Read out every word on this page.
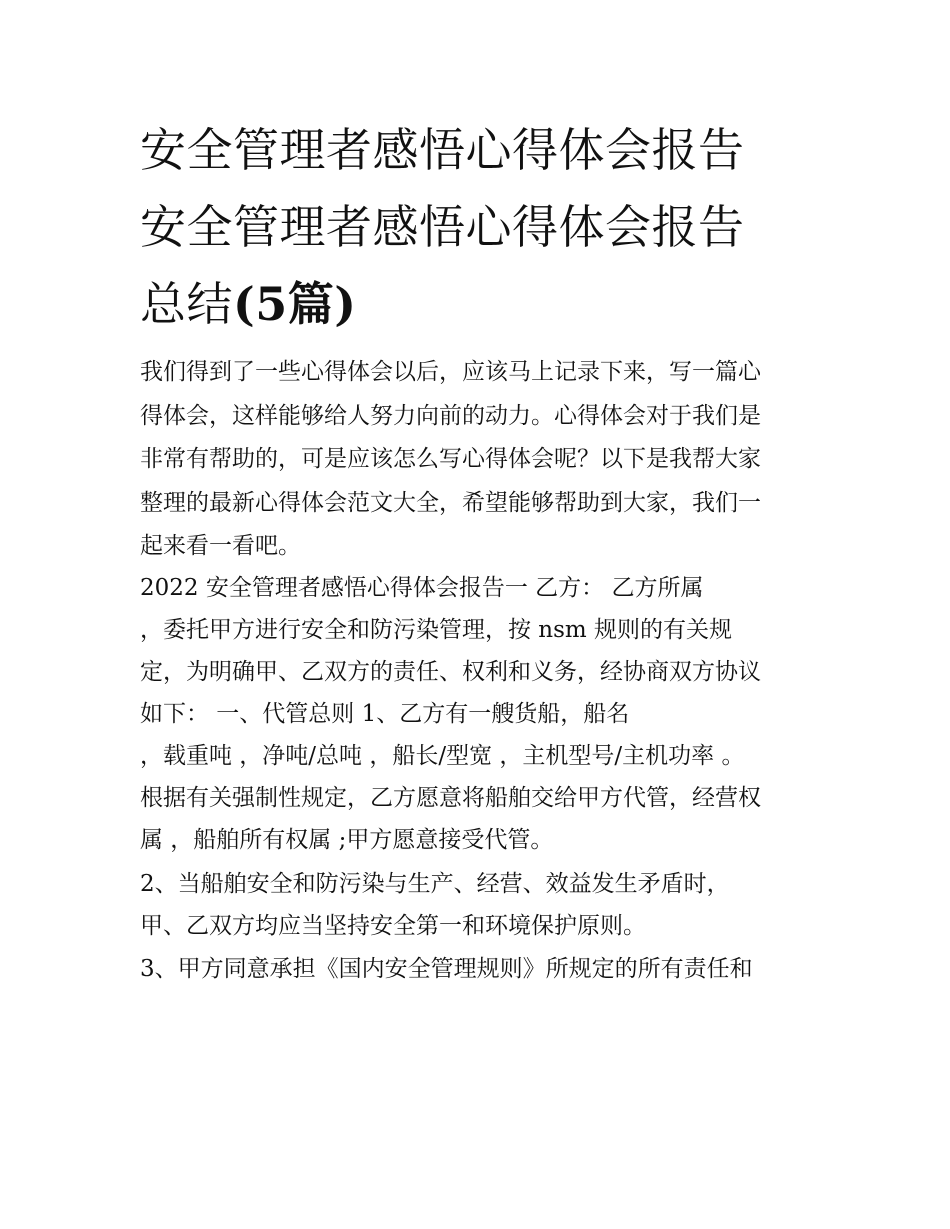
安全管理者感悟心得体会报告
安全管理者感悟心得体会报告
总结(5篇)
我们得到了一些心得体会以后，应该马上记录下来，写一篇心
得体会，这样能够给人努力向前的动力。心得体会对于我们是
非常有帮助的，可是应该怎么写心得体会呢？以下是我帮大家
整理的最新心得体会范文大全，希望能够帮助到大家，我们一
起来看一看吧。
2022 安全管理者感悟心得体会报告一 乙方： 乙方所属
，委托甲方进行安全和防污染管理，按 nsm 规则的有关规
定，为明确甲、乙双方的责任、权利和义务，经协商双方协议
如下： 一、代管总则 1、乙方有一艘货船，船名
，载重吨 ，净吨/总吨 ，船长/型宽 ，主机型号/主机功率 。
根据有关强制性规定，乙方愿意将船舶交给甲方代管，经营权
属 ，船舶所有权属 ;甲方愿意接受代管。
2、当船舶安全和防污染与生产、经营、效益发生矛盾时，
甲、乙双方均应当坚持安全第一和环境保护原则。
3、甲方同意承担《国内安全管理规则》所规定的所有责任和
